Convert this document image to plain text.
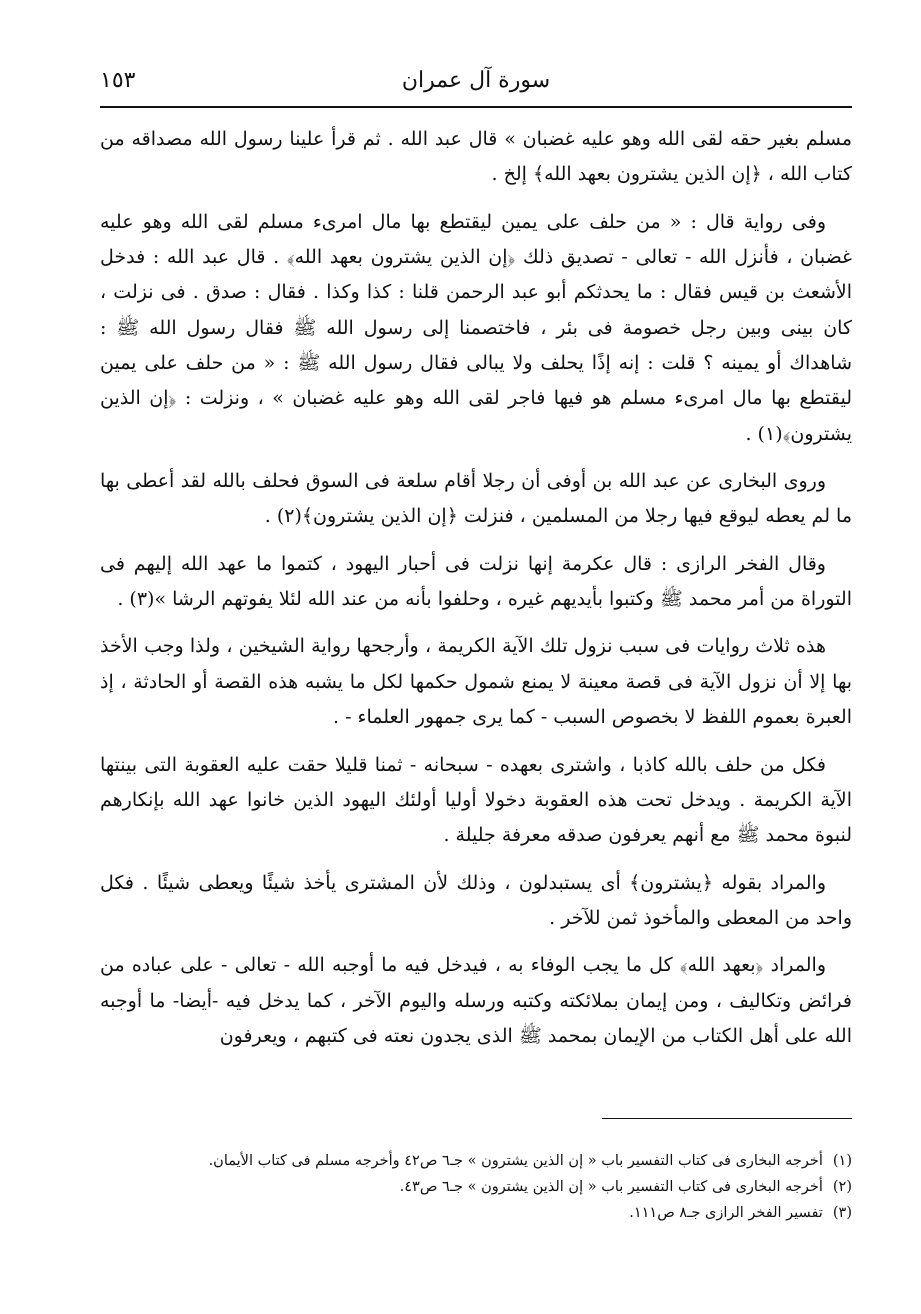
١٥٣	سورة آل عمران

مسلم بغير حقه لقى الله وهو عليه غضبان » قال عبد الله . ثم قرأ علينا رسول الله مصداقه من كتاب الله ، ﴿إن الذين يشترون بعهد الله﴾ إلخ .

وفى رواية قال : « من حلف على يمين ليقتطع بها مال امرىء مسلم لقى الله وهو عليه غضبان ، فأنزل الله - تعالى - تصديق ذلك ﴿إن الذين يشترون بعهد الله﴾ . قال عبد الله : فدخل الأشعث بن قيس فقال : ما يحدثكم أبو عبد الرحمن قلنا : كذا وكذا . فقال : صدق . فى نزلت ، كان بينى وبين رجل خصومة فى بئر ، فاختصمنا إلى رسول الله ﷺ فقال رسول الله ﷺ : شاهداك أو يمينه ؟ قلت : إنه إذًا يحلف ولا يبالى فقال رسول الله ﷺ : « من حلف على يمين ليقتطع بها مال امرىء مسلم هو فيها فاجر لقى الله وهو عليه غضبان » ، ونزلت : ﴿إن الذين يشترون﴾(١) .

وروى البخارى عن عبد الله بن أوفى أن رجلا أقام سلعة فى السوق فحلف بالله لقد أعطى بها ما لم يعطه ليوقع فيها رجلا من المسلمين ، فنزلت ﴿إن الذين يشترون﴾(٢) .

وقال الفخر الرازى : قال عكرمة إنها نزلت فى أحبار اليهود ، كتموا ما عهد الله إليهم فى التوراة من أمر محمد ﷺ وكتبوا بأيديهم غيره ، وحلفوا بأنه من عند الله لئلا يفوتهم الرشا »(٣) .

هذه ثلاث روايات فى سبب نزول تلك الآية الكريمة ، وأرجحها رواية الشيخين ، ولذا وجب الأخذ بها إلا أن نزول الآية فى قصة معينة لا يمنع شمول حكمها لكل ما يشبه هذه القصة أو الحادثة ، إذ العبرة بعموم اللفظ لا بخصوص السبب - كما يرى جمهور العلماء - .

فكل من حلف بالله كاذبا ، واشترى بعهده - سبحانه - ثمنا قليلا حقت عليه العقوبة التى بينتها الآية الكريمة . ويدخل تحت هذه العقوبة دخولا أوليا أولئك اليهود الذين خانوا عهد الله بإنكارهم لنبوة محمد ﷺ مع أنهم يعرفون صدقه معرفة جليلة .

والمراد بقوله ﴿يشترون﴾ أى يستبدلون ، وذلك لأن المشترى يأخذ شيئًا ويعطى شيئًا . فكل واحد من المعطى والمأخوذ ثمن للآخر .

والمراد ﴿بعهد الله﴾ كل ما يجب الوفاء به ، فيدخل فيه ما أوجبه الله - تعالى - على عباده من فرائض وتكاليف ، ومن إيمان بملائكته وكتبه ورسله واليوم الآخر ، كما يدخل فيه -أيضا- ما أوجبه الله على أهل الكتاب من الإيمان بمحمد ﷺ الذى يجدون نعته فى كتبهم ، ويعرفون

(١)أخرجه البخارى فى كتاب التفسير باب « إن الذين يشترون » جـ٦ ص٤٢ وأخرجه مسلم فى كتاب الأيمان.
(٢)أخرجه البخارى فى كتاب التفسير باب « إن الذين يشترون » جـ٦ ص٤٣.
(٣)تفسير الفخر الرازى جـ٨ ص١١١.
